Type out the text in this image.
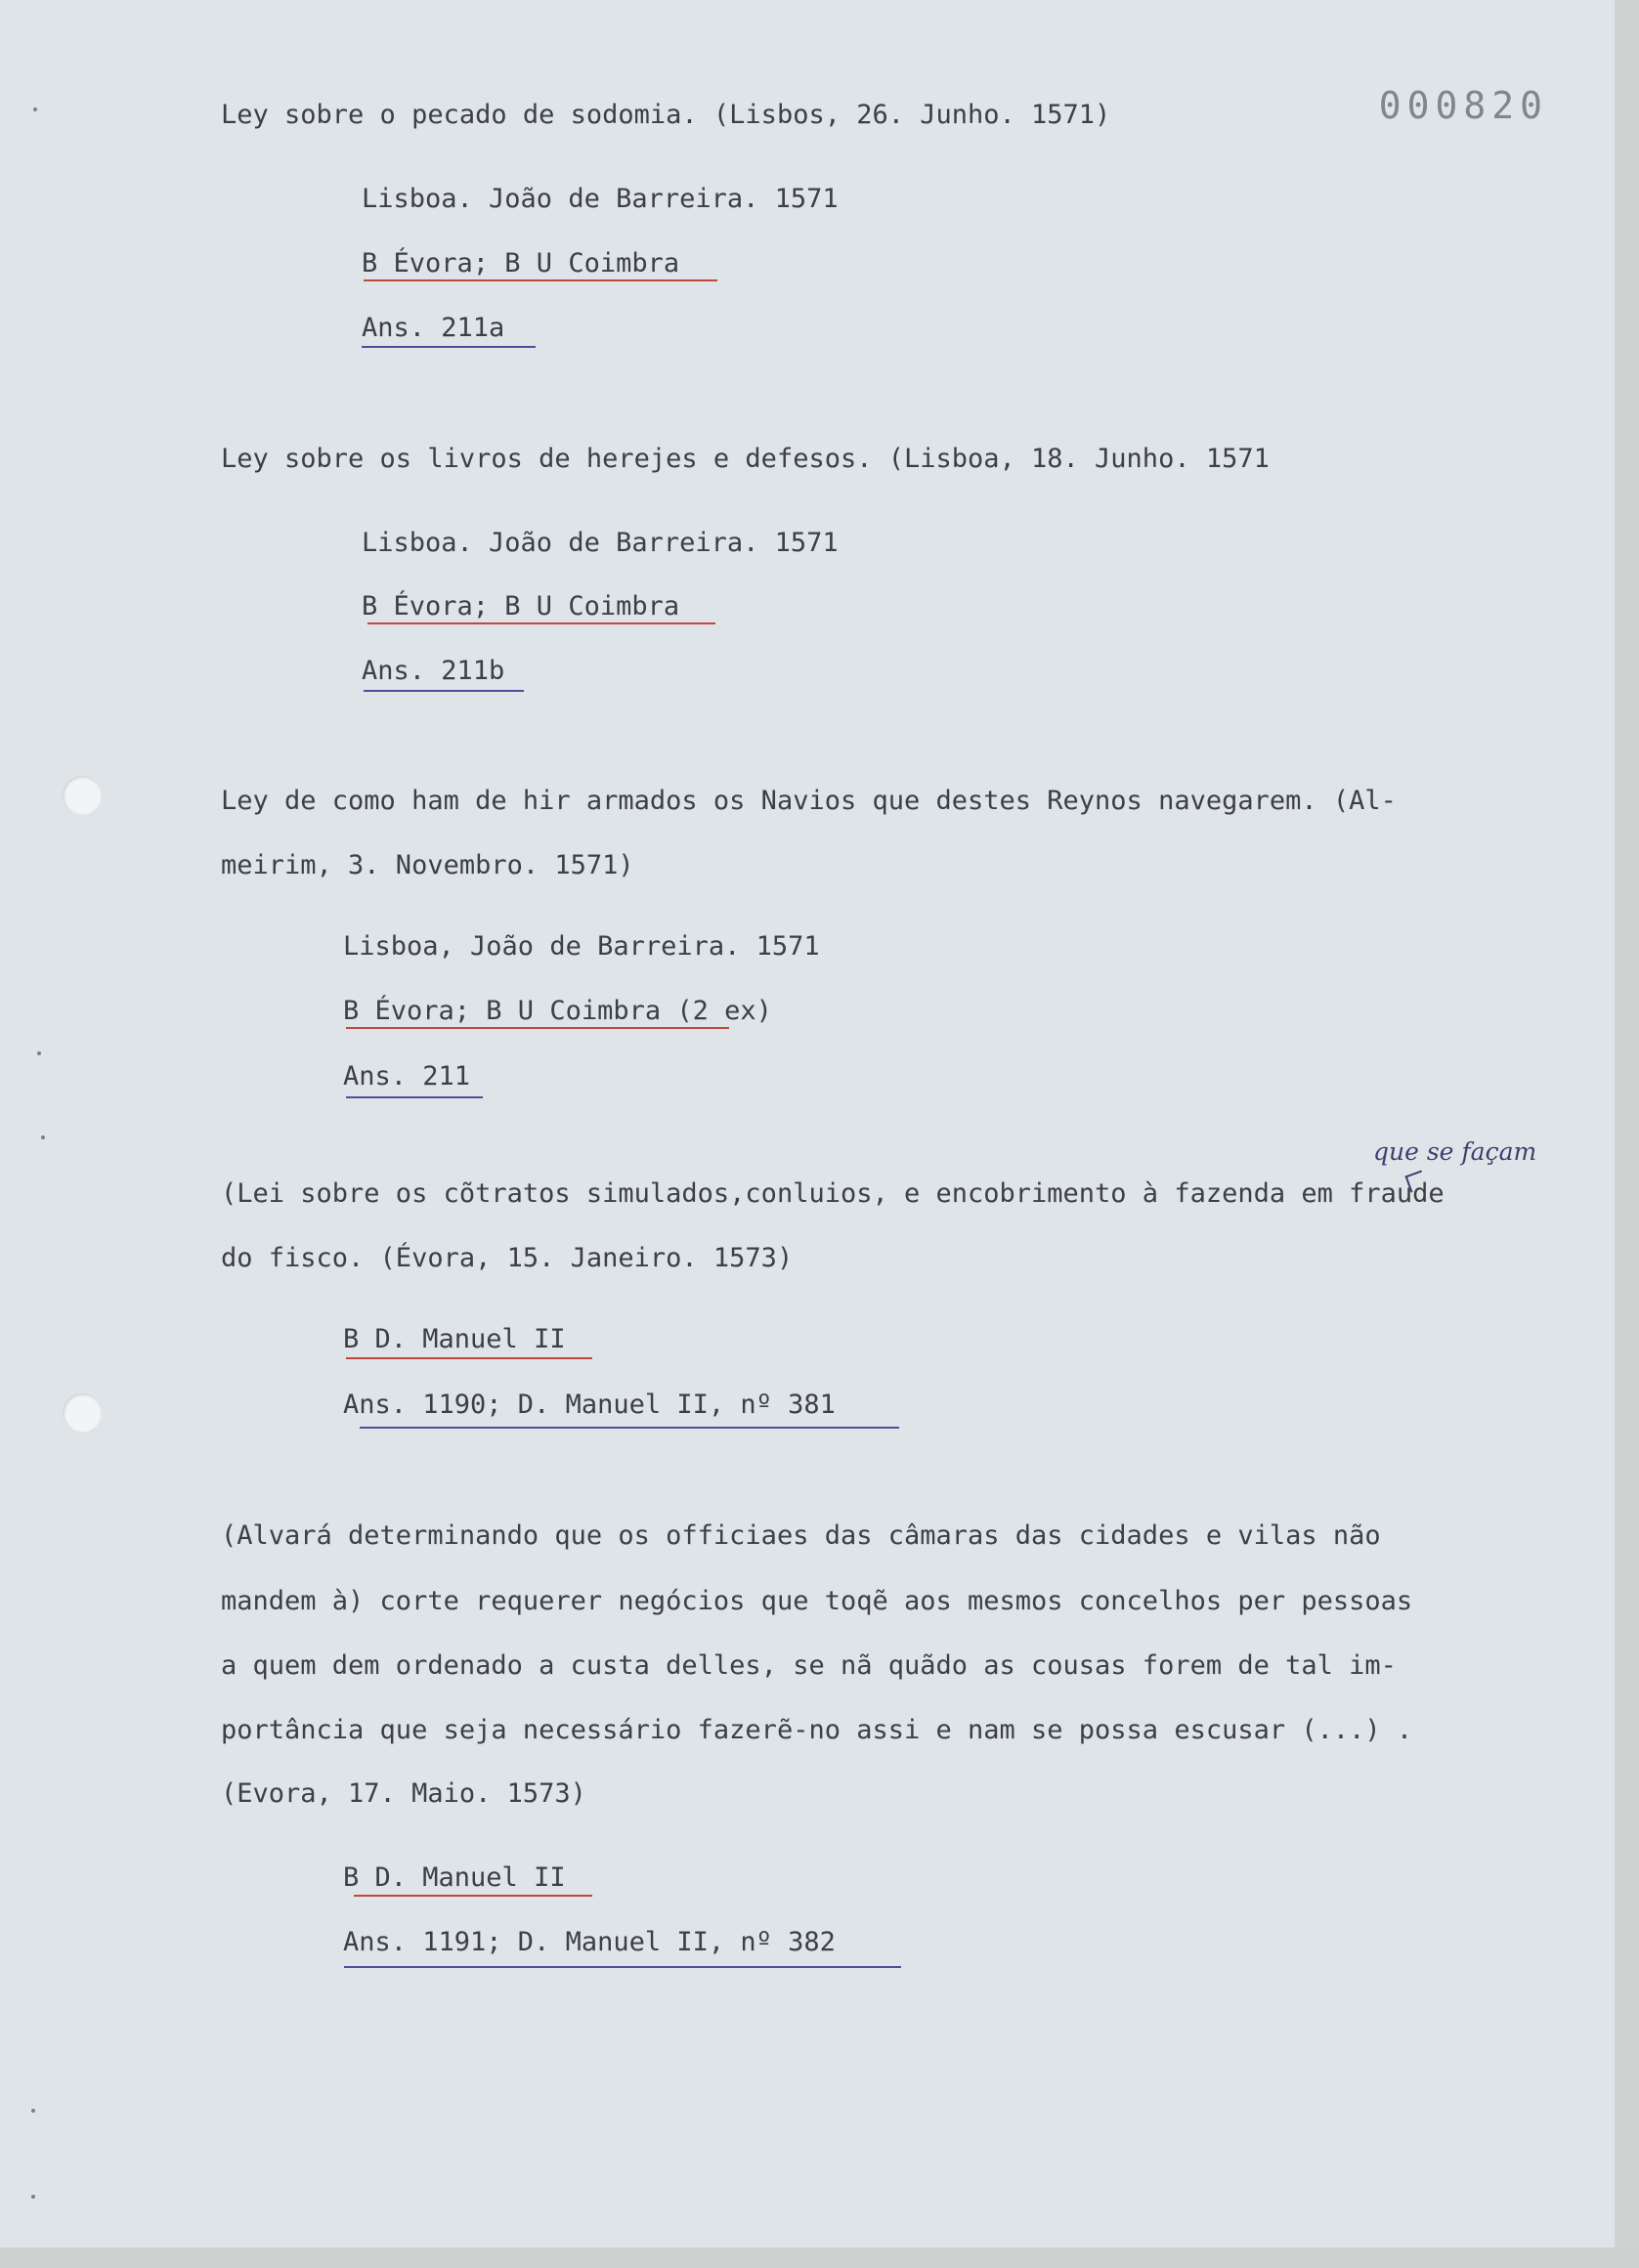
000820
Ley sobre o pecado de sodomia. (Lisbos, 26. Junho. 1571)
Lisboa. João de Barreira. 1571
B Évora; B U Coimbra
Ans. 211a
Ley sobre os livros de herejes e defesos. (Lisboa, 18. Junho. 1571
Lisboa. João de Barreira. 1571
B Évora; B U Coimbra
Ans. 211b
Ley de como ham de hir armados os Navios que destes Reynos navegarem. (Al-
meirim, 3. Novembro. 1571)
Lisboa, João de Barreira. 1571
B Évora; B U Coimbra (2 ex)
Ans. 211
que se façam
(Lei sobre os cõtratos simulados,conluios, e encobrimento à fazenda em fraude
do fisco. (Évora, 15. Janeiro. 1573)
B D. Manuel II
Ans. 1190; D. Manuel II, nº 381
(Alvará determinando que os officiaes das câmaras das cidades e vilas não
mandem à) corte requerer negócios que toqẽ aos mesmos concelhos per pessoas
a quem dem ordenado a custa delles, se nã quãdo as cousas forem de tal im-
portância que seja necessário fazerẽ-no assi e nam se possa escusar (...) .
(Evora, 17. Maio. 1573)
B D. Manuel II
Ans. 1191; D. Manuel II, nº 382
